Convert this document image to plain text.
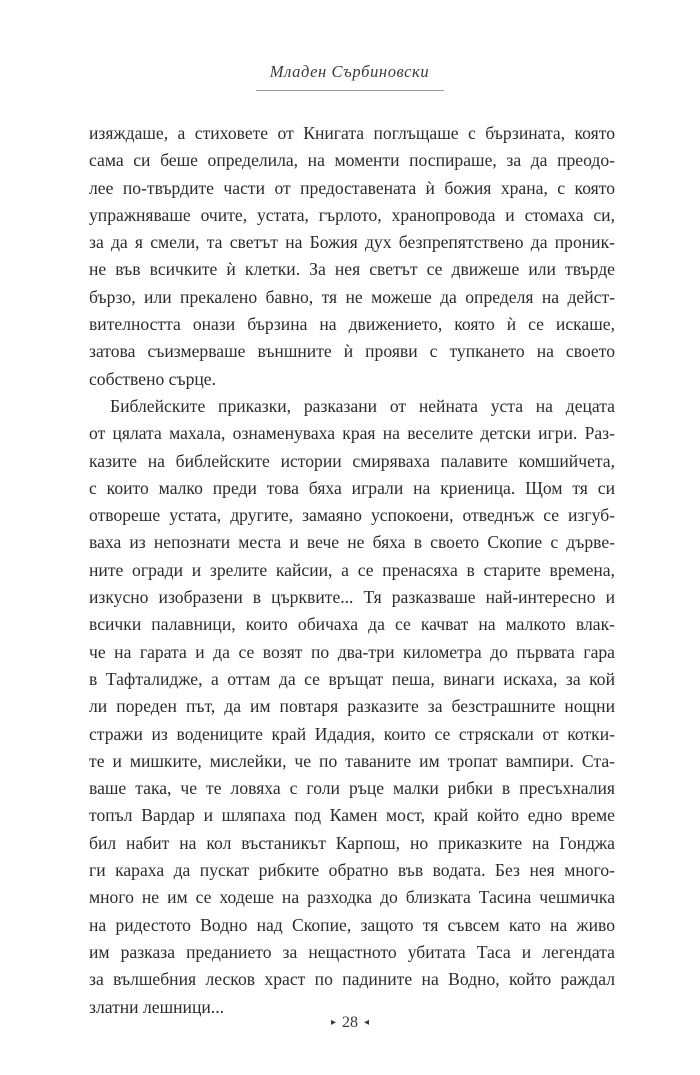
Младен Сърбиновски
изяждаше, а стиховете от Книгата поглъщаше с бързината, която
сама си беше определила, на моменти поспираше, за да преодо-
лее по-твърдите части от предоставената ѝ божия храна, с която
упражняваше очите, устата, гърлото, хранопровода и стомаха си,
за да я смели, та светът на Божия дух безпрепятствено да проник-
не във всичките ѝ клетки. За нея светът се движеше или твърде
бързо, или прекалено бавно, тя не можеше да определя на дейст-
вителността онази бързина на движението, която ѝ се искаше,
затова съизмерваше външните ѝ прояви с тупкането на своето
собствено сърце.
Библейските приказки, разказани от нейната уста на децата
от цялата махала, ознаменуваха края на веселите детски игри. Раз-
казите на библейските истории смиряваха палавите комшийчета,
с които малко преди това бяха играли на криеница. Щом тя си
отвореше устата, другите, замаяно успокоени, отведнъж се изгуб-
ваха из непознати места и вече не бяха в своето Скопие с дърве-
ните огради и зрелите кайсии, а се пренасяха в старите времена,
изкусно изобразени в църквите... Тя разказваше най-интересно и
всички палавници, които обичаха да се качват на малкото влак-
че на гарата и да се возят по два-три километра до първата гара
в Тафталидже, а оттам да се връщат пеша, винаги искаха, за кой
ли пореден път, да им повтаря разказите за безстрашните нощни
стражи из водениците край Идадия, които се стряскали от котки-
те и мишките, мислейки, че по таваните им тропат вампири. Ста-
ваше така, че те ловяха с голи ръце малки рибки в пресъхналия
топъл Вардар и шляпаха под Камен мост, край който едно време
бил набит на кол въстаникът Карпош, но приказките на Гонджа
ги караха да пускат рибките обратно във водата. Без нея много-
много не им се ходеше на разходка до близката Тасина чешмичка
на ридестото Водно над Скопие, защото тя съвсем като на живо
им разказа преданието за нещастното убитата Таса и легендата
за вълшебния лесков храст по падините на Водно, който раждал
златни лешници...
▸ 28 ◂
